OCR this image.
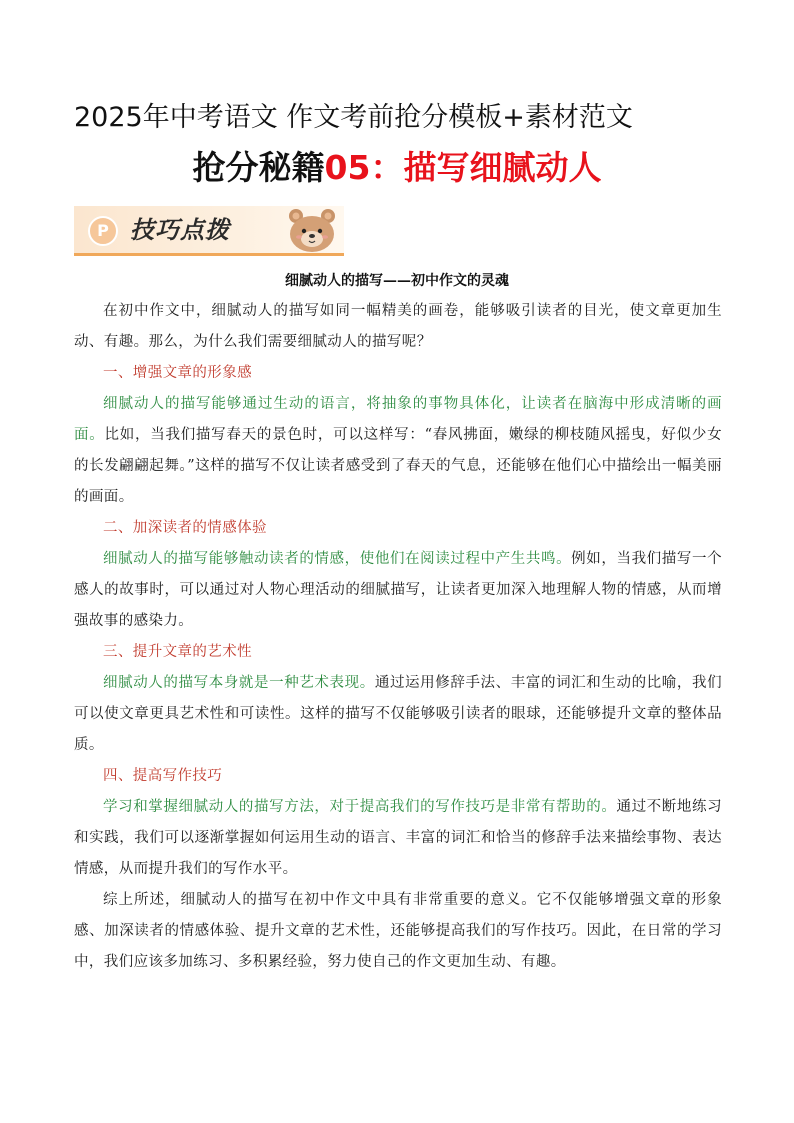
2025年中考语文 作文考前抢分模板+素材范文
抢分秘籍05：描写细腻动人
P 技巧点拨
细腻动人的描写——初中作文的灵魂

在初中作文中，细腻动人的描写如同一幅精美的画卷，能够吸引读者的目光，使文章更加生动、有趣。那么，为什么我们需要细腻动人的描写呢？

一、增强文章的形象感

细腻动人的描写能够通过生动的语言，将抽象的事物具体化，让读者在脑海中形成清晰的画面。比如，当我们描写春天的景色时，可以这样写：“春风拂面，嫩绿的柳枝随风摇曳，好似少女的长发翩翩起舞。”这样的描写不仅让读者感受到了春天的气息，还能够在他们心中描绘出一幅美丽的画面。

二、加深读者的情感体验

细腻动人的描写能够触动读者的情感，使他们在阅读过程中产生共鸣。例如，当我们描写一个感人的故事时，可以通过对人物心理活动的细腻描写，让读者更加深入地理解人物的情感，从而增强故事的感染力。

三、提升文章的艺术性

细腻动人的描写本身就是一种艺术表现。通过运用修辞手法、丰富的词汇和生动的比喻，我们可以使文章更具艺术性和可读性。这样的描写不仅能够吸引读者的眼球，还能够提升文章的整体品质。

四、提高写作技巧

学习和掌握细腻动人的描写方法，对于提高我们的写作技巧是非常有帮助的。通过不断地练习和实践，我们可以逐渐掌握如何运用生动的语言、丰富的词汇和恰当的修辞手法来描绘事物、表达情感，从而提升我们的写作水平。

综上所述，细腻动人的描写在初中作文中具有非常重要的意义。它不仅能够增强文章的形象感、加深读者的情感体验、提升文章的艺术性，还能够提高我们的写作技巧。因此，在日常的学习中，我们应该多加练习、多积累经验，努力使自己的作文更加生动、有趣。
